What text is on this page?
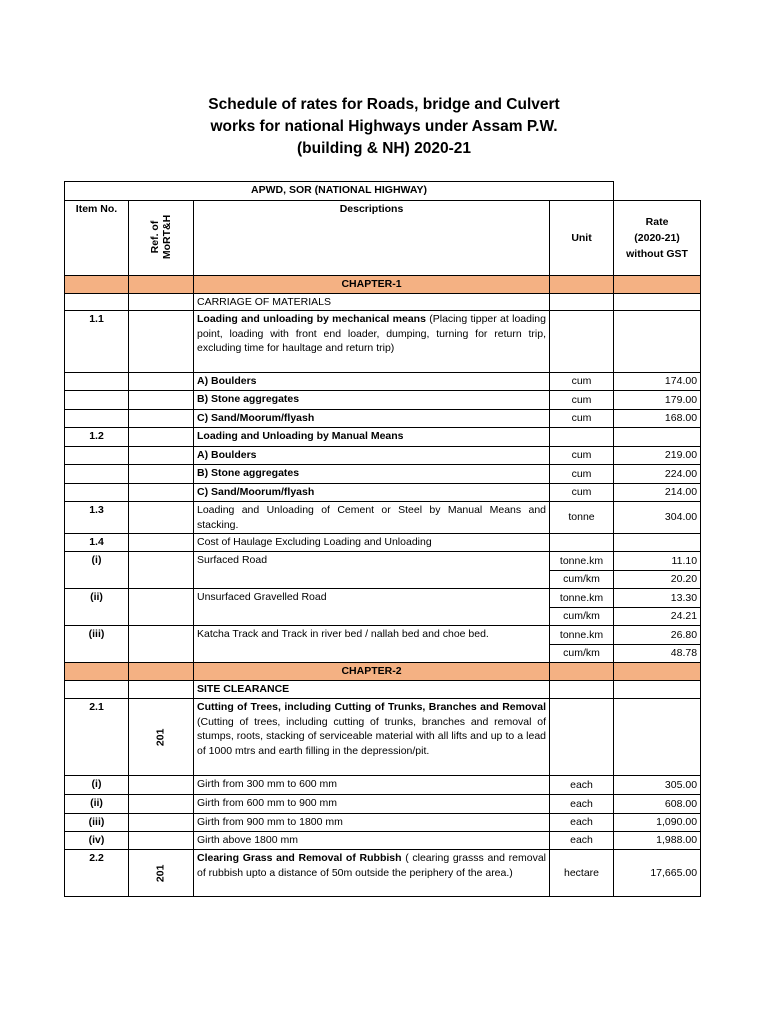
Schedule of rates for Roads, bridge and Culvert
works for national Highways under Assam P.W.
(building & NH) 2020-21
APWD, SOR (NATIONAL HIGHWAY)				
Item No.	Ref. of MoRT&H	Descriptions	Unit	Rate
(2020-21)
without GST

		CHAPTER-1		
		CARRIAGE OF MATERIALS		
1.1		Loading and unloading by mechanical means (Placing tipper at loading point, loading with front end loader, dumping, turning for return trip, excluding time for haultage and return trip)		
		A) Boulders	cum	174.00
		B) Stone aggregates	cum	179.00
		C) Sand/Moorum/flyash	cum	168.00
1.2		Loading and Unloading by Manual Means		
		A) Boulders	cum	219.00
		B) Stone aggregates	cum	224.00
		C) Sand/Moorum/flyash	cum	214.00
1.3		Loading and Unloading of Cement or Steel by Manual Means and stacking.	tonne	304.00
1.4		Cost of Haulage Excluding Loading and Unloading		
(i)		Surfaced Road	tonne.km	11.10
			cum/km	20.20
(ii)		Unsurfaced Gravelled Road	tonne.km	13.30
			cum/km	24.21
(iii)		Katcha Track and Track in river bed / nallah bed and choe bed.	tonne.km	26.80
			cum/km	48.78
		CHAPTER-2		
		SITE CLEARANCE		
2.1	201	Cutting of Trees, including Cutting of Trunks, Branches and Removal (Cutting of trees, including cutting of trunks, branches and removal of stumps, roots, stacking of serviceable material with all lifts and up to a lead of 1000 mtrs and earth filling in the depression/pit.		
(i)		Girth from 300 mm to 600 mm	each	305.00
(ii)		Girth from 600 mm to 900 mm	each	608.00
(iii)		Girth from 900 mm to 1800 mm	each	1,090.00
(iv)		Girth above 1800 mm	each	1,988.00
2.2	201	Clearing Grass and Removal of Rubbish ( clearing grasss and removal of rubbish upto a distance of 50m outside the periphery of the area.)	hectare	17,665.00
